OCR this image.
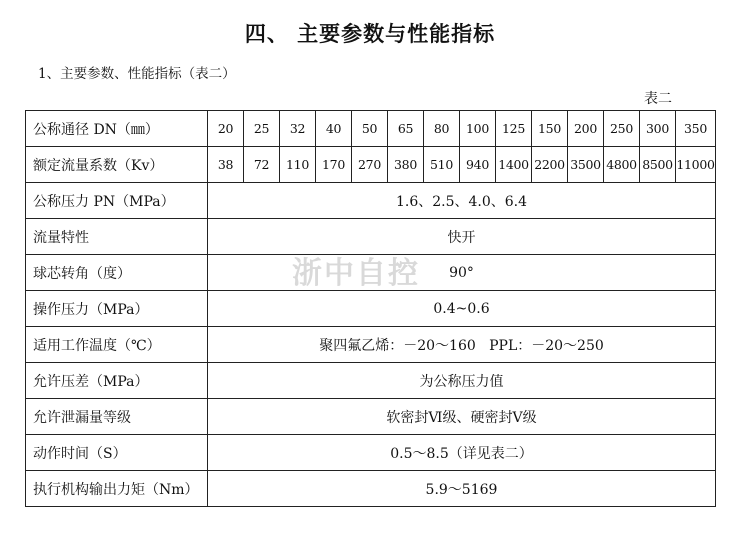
四、 主要参数与性能指标
1、主要参数、性能指标（表二）
表二
公称通径 DN（㎜）	20	25	32	40	50	65	80	100	125	150	200	250	300	350
额定流量系数（Kv）	38	72	110	170	270	380	510	940	1400	2200	3500	4800	8500	11000
公称压力 PN（MPa）	1.6、2.5、4.0、6.4													
流量特性	快开													
球芯转角（度）	90°													
操作压力（MPa）	0.4~0.6													
适用工作温度（℃）	聚四氟乙烯：－20～160   PPL：－20～250													
允许压差（MPa）	为公称压力值													
允许泄漏量等级	软密封Ⅵ级、硬密封Ⅴ级													
动作时间（S）	0.5～8.5（详见表二）													
执行机构输出力矩（Nm）	5.9～5169													
浙中自控
